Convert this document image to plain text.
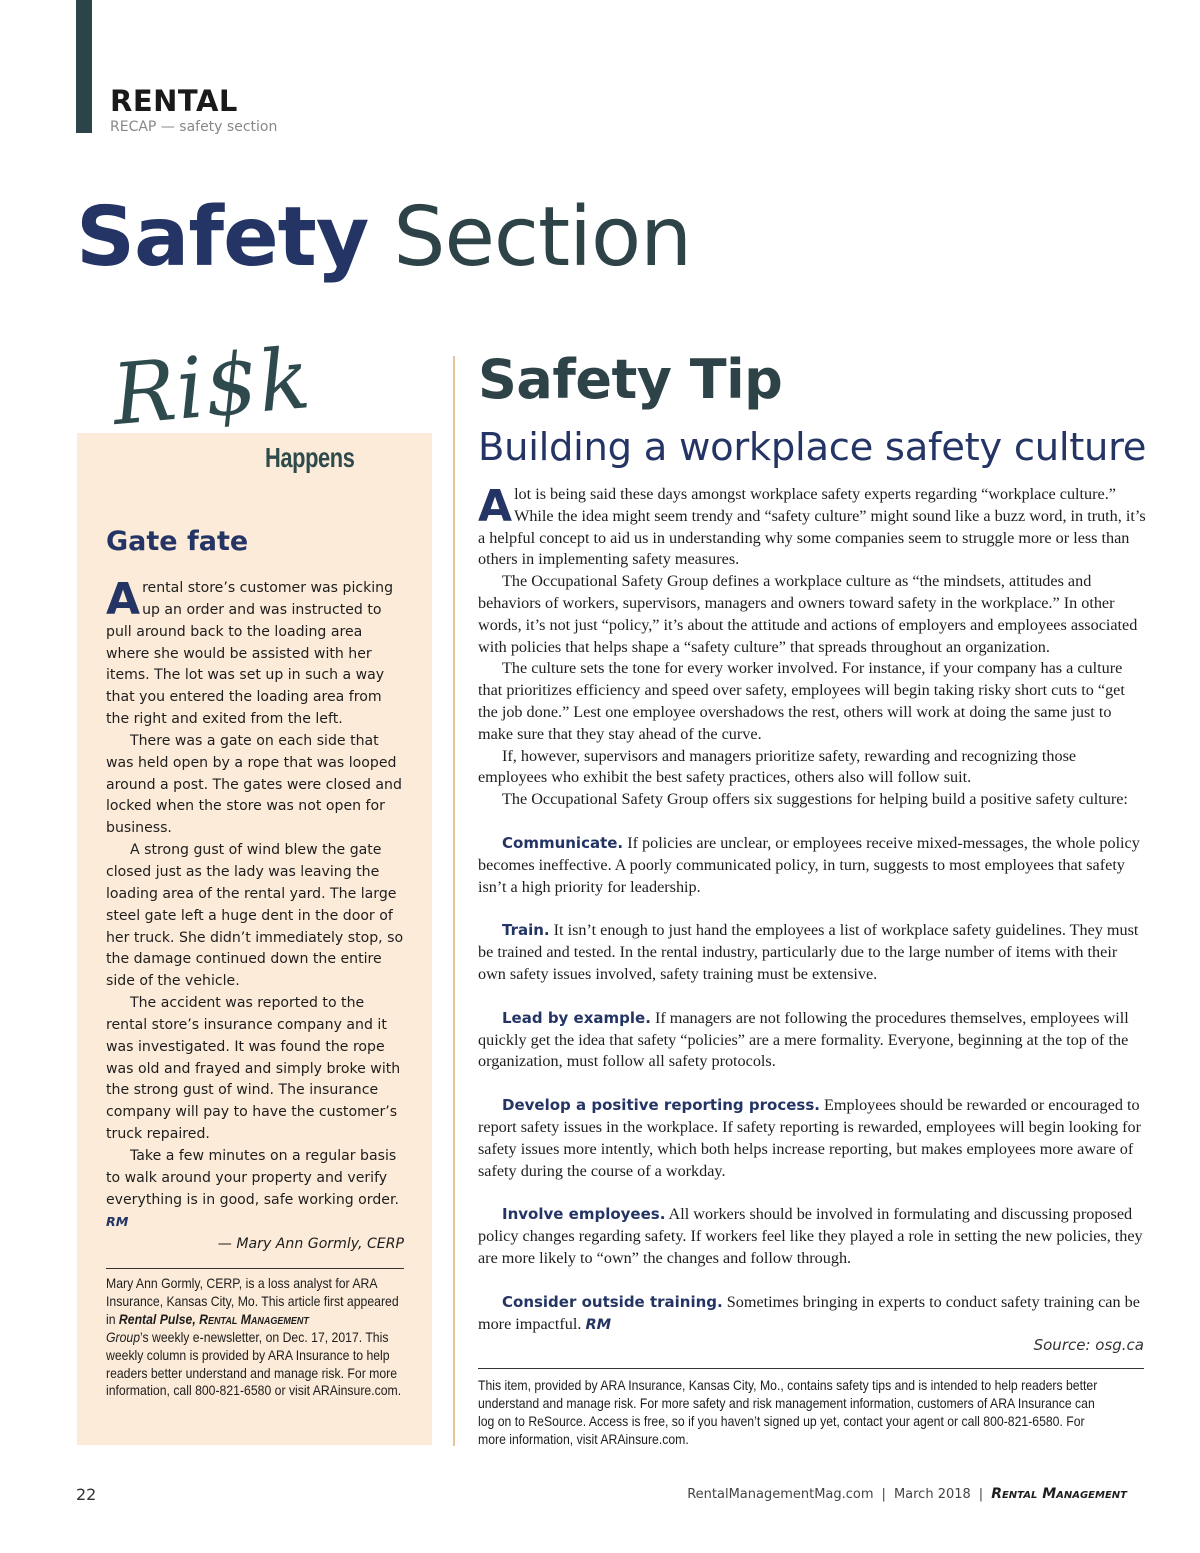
RENTAL
RECAP — safety section
Safety Section
Ri$k
Happens
Gate fate

Arental store’s customer was picking up an order and was instructed to pull around back to the loading area where she would be assisted with her items. The lot was set up in such a way that you entered the loading area from the right and exited from the left.

There was a gate on each side that was held open by a rope that was looped around a post. The gates were closed and locked when the store was not open for business.

A strong gust of wind blew the gate closed just as the lady was leaving the loading area of the rental yard. The large steel gate left a huge dent in the door of her truck. She didn’t immediately stop, so the damage continued down the entire side of the vehicle.

The accident was reported to the rental store’s insurance company and it was investigated. It was found the rope was old and frayed and simply broke with the strong gust of wind. The insurance company will pay to have the customer’s truck repaired.

Take a few minutes on a regular basis to walk around your property and verify everything is in good, safe working order. RM

— Mary Ann Gormly, CERP
Mary Ann Gormly, CERP, is a loss analyst for ARA Insurance, Kansas City, Mo. This article first appeared in Rental Pulse, Rental Management
Group’s weekly e-newsletter, on Dec. 17, 2017. This weekly column is provided by ARA Insurance to help readers better understand and manage risk. For more information, call 800-821-6580 or visit ARAinsure.com.
Safety Tip
Building a workplace safety culture

A lot is being said these days amongst workplace safety experts regarding “workplace culture.” While the idea might seem trendy and “safety culture” might sound like a buzz word, in truth, it’s a helpful concept to aid us in understanding why some companies seem to struggle more or less than others in implementing safety measures.

The Occupational Safety Group defines a workplace culture as “the mindsets, attitudes and behaviors of workers, supervisors, managers and owners toward safety in the workplace.” In other words, it’s not just “policy,” it’s about the attitude and actions of employers and employees associated with policies that helps shape a “safety culture” that spreads throughout an organization.

The culture sets the tone for every worker involved. For instance, if your company has a culture that prioritizes efficiency and speed over safety, employees will begin taking risky short cuts to “get the job done.” Lest one employee overshadows the rest, others will work at doing the same just to make sure that they stay ahead of the curve.

If, however, supervisors and managers prioritize safety, rewarding and recognizing those employees who exhibit the best safety practices, others also will follow suit.

The Occupational Safety Group offers six suggestions for helping build a positive safety culture:

Communicate. If policies are unclear, or employees receive mixed-messages, the whole policy becomes ineffective. A poorly communicated policy, in turn, suggests to most employees that safety isn’t a high priority for leadership.

Train. It isn’t enough to just hand the employees a list of workplace safety guidelines. They must be trained and tested. In the rental industry, particularly due to the large number of items with their own safety issues involved, safety training must be extensive.

Lead by example. If managers are not following the procedures themselves, employees will quickly get the idea that safety “policies” are a mere formality. Everyone, beginning at the top of the organization, must follow all safety protocols.

Develop a positive reporting process. Employees should be rewarded or encouraged to report safety issues in the workplace. If safety reporting is rewarded, employees will begin looking for safety issues more intently, which both helps increase reporting, but makes employees more aware of safety during the course of a workday.

Involve employees. All workers should be involved in formulating and discussing proposed policy changes regarding safety. If workers feel like they played a role in setting the new policies, they are more likely to “own” the changes and follow through.

Consider outside training. Sometimes bringing in experts to conduct safety training can be more impactful. RM

Source: osg.ca
This item, provided by ARA Insurance, Kansas City, Mo., contains safety tips and is intended to help readers better understand and manage risk. For more safety and risk management information, customers of ARA Insurance can log on to ReSource. Access is free, so if you haven’t signed up yet, contact your agent or call 800-821-6580. For more information, visit ARAinsure.com.
22	RentalManagementMag.com | March 2018 | Rental Management
